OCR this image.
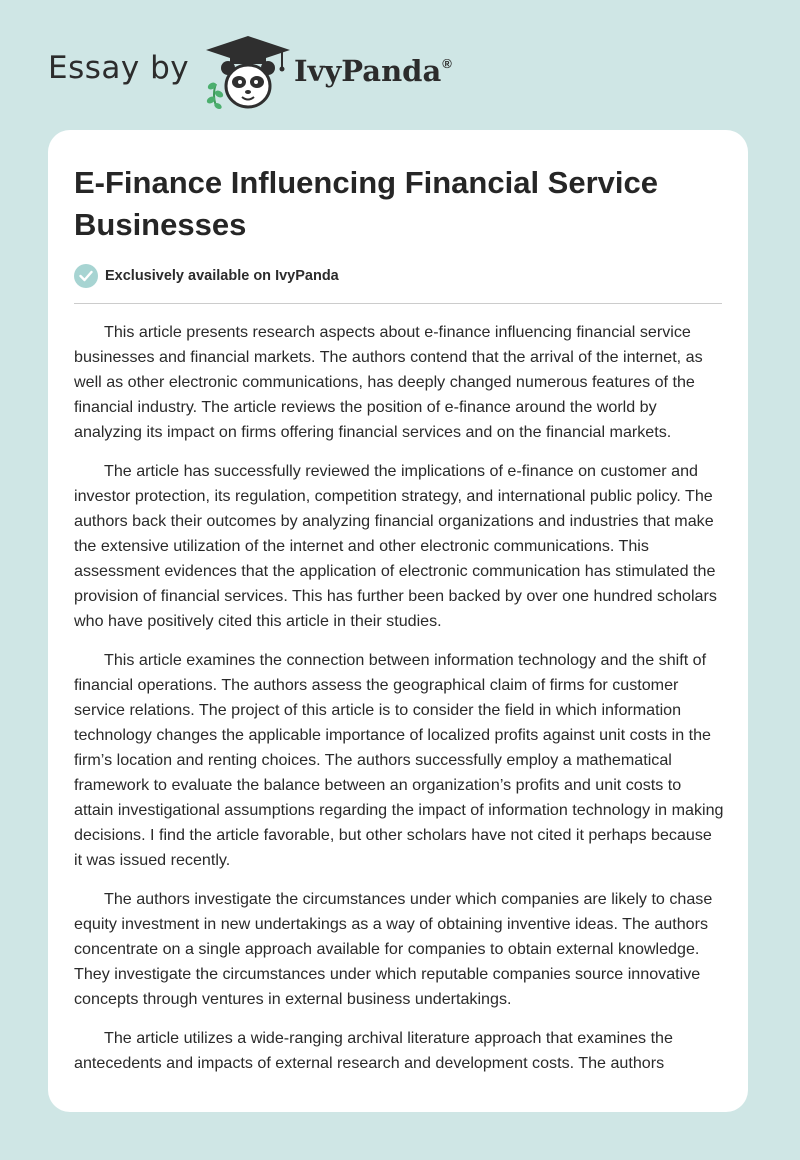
Essay by	IvyPanda®
E-Finance Influencing Financial Service Businesses
Exclusively available on IvyPanda

This article presents research aspects about e-finance influencing financial service businesses and financial markets. The authors contend that the arrival of the internet, as well as other electronic communications, has deeply changed numerous features of the financial industry. The article reviews the position of e-finance around the world by analyzing its impact on firms offering financial services and on the financial markets.

The article has successfully reviewed the implications of e-finance on customer and investor protection, its regulation, competition strategy, and international public policy. The authors back their outcomes by analyzing financial organizations and industries that make the extensive utilization of the internet and other electronic communications. This assessment evidences that the application of electronic communication has stimulated the provision of financial services. This has further been backed by over one hundred scholars who have positively cited this article in their studies.

This article examines the connection between information technology and the shift of financial operations. The authors assess the geographical claim of firms for customer service relations. The project of this article is to consider the field in which information technology changes the applicable importance of localized profits against unit costs in the firm’s location and renting choices. The authors successfully employ a mathematical framework to evaluate the balance between an organization’s profits and unit costs to attain investigational assumptions regarding the impact of information technology in making decisions. I find the article favorable, but other scholars have not cited it perhaps because it was issued recently.

The authors investigate the circumstances under which companies are likely to chase equity investment in new undertakings as a way of obtaining inventive ideas. The authors concentrate on a single approach available for companies to obtain external knowledge. They investigate the circumstances under which reputable companies source innovative concepts through ventures in external business undertakings.

The article utilizes a wide-ranging archival literature approach that examines the antecedents and impacts of external research and development costs. The authors
